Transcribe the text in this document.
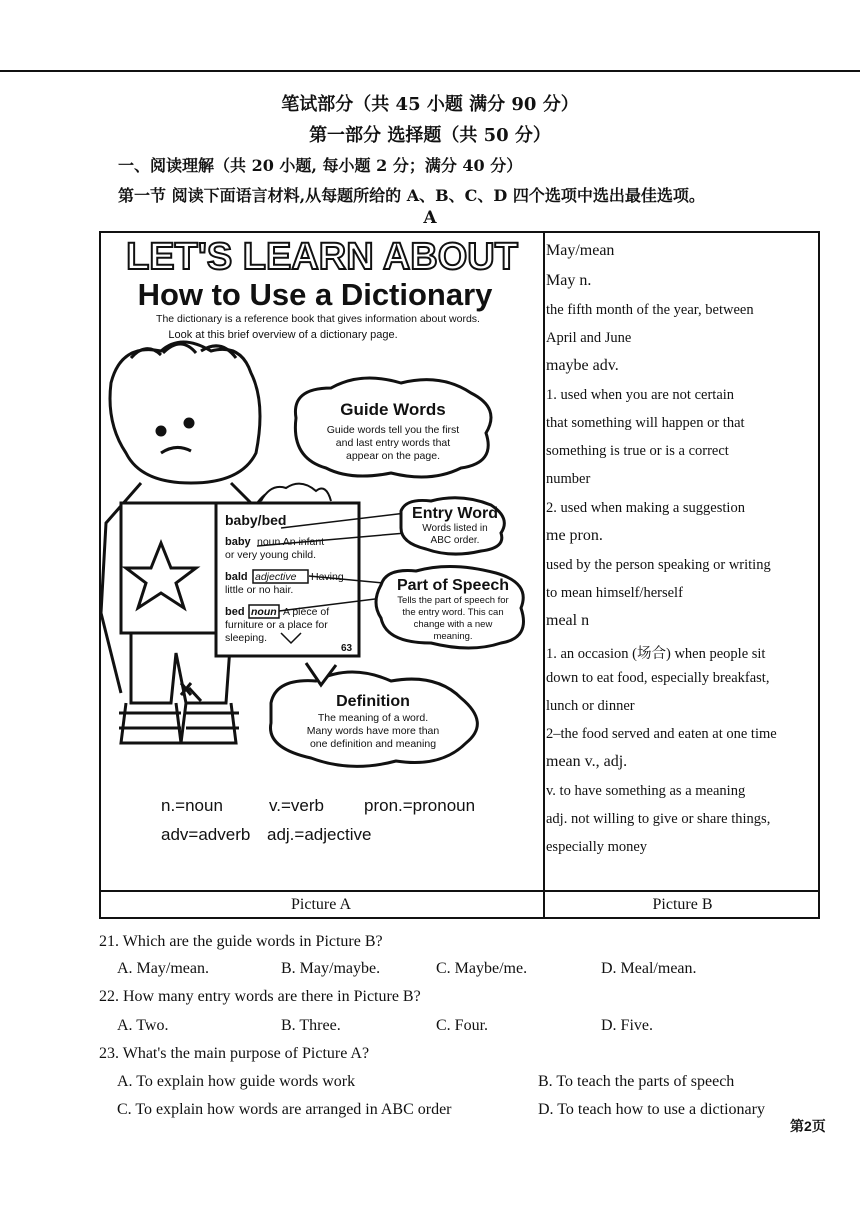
笔试部分（共 45 小题 满分 90 分）
第一部分 选择题（共 50 分）
一、阅读理解（共 20 小题, 每小题 2 分；满分 40 分）
第一节 阅读下面语言材料,从每题所给的 A、B、C、D 四个选项中选出最佳选项。
A
LET'S LEARN ABOUT
How to Use a Dictionary
The dictionary is a reference book that gives information about words.
Look at this brief overview of a dictionary page.
baby/bed
baby noun An infant
or very young child.
bald adjective Having
little or no hair.
bed noun A piece of
furniture or a place for
sleeping.
63
Guide Words
Guide words tell you the first
and last entry words that
appear on the page.
Entry Word
Words listed in
ABC order.
Part of Speech
Tells the part of speech for
the entry word. This can
change with a new
meaning.
Definition
The meaning of a word.
Many words have more than
one definition and meaning
n.=noun	v.=verb pron.=pronoun
adv=adverb adj.=adjective
May/mean
May n.
the fifth month of the year, between
April and June
maybe adv.
1. used when you are not certain
that something will happen or that
something is true or is a correct
number
2. used when making a suggestion
me pron.
used by the person speaking or writing
to mean himself/herself
meal n
1. an occasion (场合) when people sit
down to eat food, especially breakfast,
lunch or dinner
2–the food served and eaten at one time
mean v., adj.
v. to have something as a meaning
adj. not willing to give or share things,
especially money
Picture A	Picture B
21. Which are the guide words in Picture B?
A. May/mean.	B. May/maybe.	C. Maybe/me.	D. Meal/mean.
22. How many entry words are there in Picture B?
A. Two.	B. Three.	C. Four.	D. Five.
23. What's the main purpose of Picture A?
A. To explain how guide words work	B. To teach the parts of speech
C. To explain how words are arranged in ABC order	D. To teach how to use a dictionary
第2页
